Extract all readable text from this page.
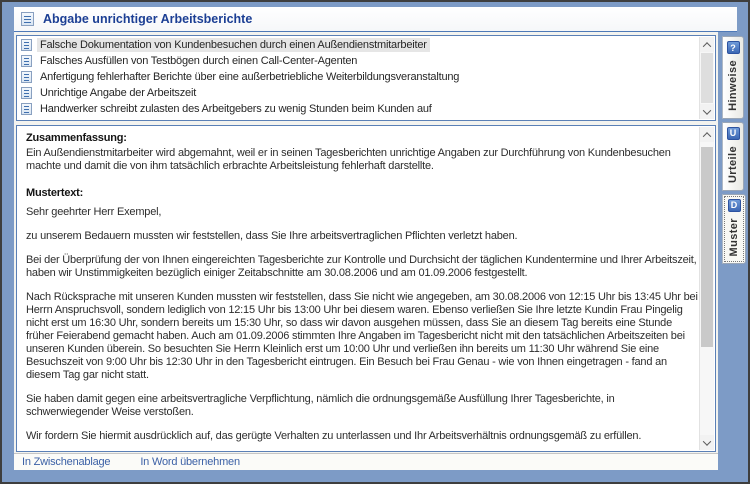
Abgabe unrichtiger Arbeitsberichte
Falsche Dokumentation von Kundenbesuchen durch einen Außendienstmitarbeiter
Falsches Ausfüllen von Testbögen durch einen Call-Center-Agenten
Anfertigung fehlerhafter Berichte über eine außerbetriebliche Weiterbildungsveranstaltung
Unrichtige Angabe der Arbeitszeit
Handwerker schreibt zulasten des Arbeitgebers zu wenig Stunden beim Kunden auf

Zusammenfassung:

Ein Außendienstmitarbeiter wird abgemahnt, weil er in seinen Tagesberichten unrichtige Angaben zur Durchführung von Kundenbesuchen machte und damit die von ihm tatsächlich erbrachte Arbeitsleistung fehlerhaft darstellte.

Mustertext:

Sehr geehrter Herr Exempel,

zu unserem Bedauern mussten wir feststellen, dass Sie Ihre arbeitsvertraglichen Pflichten verletzt haben.

Bei der Überprüfung der von Ihnen eingereichten Tagesberichte zur Kontrolle und Durchsicht der täglichen Kundentermine und Ihrer Arbeitszeit, haben wir Unstimmigkeiten bezüglich einiger Zeitabschnitte am 30.08.2006 und am 01.09.2006 festgestellt.

Nach Rücksprache mit unseren Kunden mussten wir feststellen, dass Sie nicht wie angegeben, am 30.08.2006 von 12:15 Uhr bis 13:45 Uhr bei Herrn Anspruchsvoll, sondern lediglich von 12:15 Uhr bis 13:00 Uhr bei diesem waren. Ebenso verließen Sie Ihre letzte Kundin Frau Pingelig nicht erst um 16:30 Uhr, sondern bereits um 15:30 Uhr, so dass wir davon ausgehen müssen, dass Sie an diesem Tag bereits eine Stunde früher Feierabend gemacht haben. Auch am 01.09.2006 stimmten Ihre Angaben im Tagesbericht nicht mit den tatsächlichen Arbeitszeiten bei unseren Kunden überein. So besuchten Sie Herrn Kleinlich erst um 10:00 Uhr und verließen ihn bereits um 11:30 Uhr während Sie eine Besuchszeit von 9:00 Uhr bis 12:30 Uhr in den Tagesbericht eintrugen. Ein Besuch bei Frau Genau - wie von Ihnen eingetragen - fand an diesem Tag gar nicht statt.

Sie haben damit gegen eine arbeitsvertragliche Verpflichtung, nämlich die ordnungsgemäße Ausfüllung Ihrer Tagesberichte, in schwerwiegender Weise verstoßen.

Wir fordern Sie hiermit ausdrücklich auf, das gerügte Verhalten zu unterlassen und Ihr Arbeitsverhältnis ordnungsgemäß zu erfüllen.

In Zwischenablage	In Word übernehmen
?
Hinweise
U
Urteile
D
Muster
